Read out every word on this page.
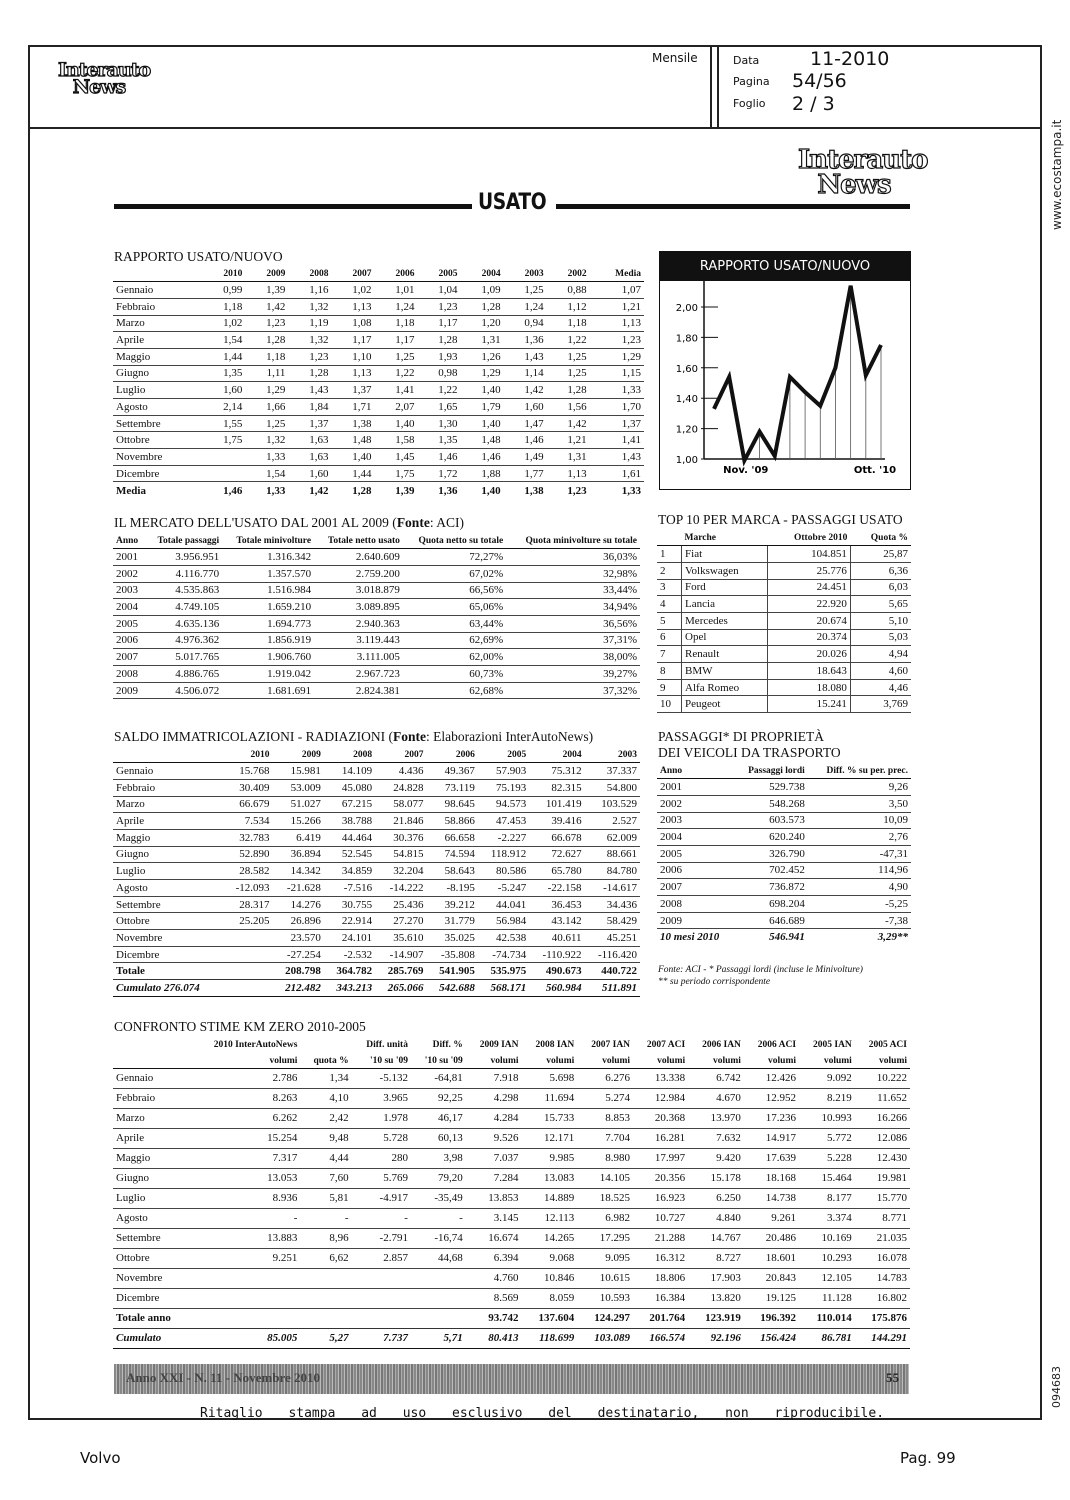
Interauto
News
Mensile	Data	11-2010
Pagina 54/56
Foglio 2 / 3
Interauto
News
USATO	www.ecostampa.it
094683
RAPPORTO USATO/NUOVO
	2010	2009	2008	2007	2006	2005	2004	2003	2002	Media
Gennaio	0,99	1,39	1,16	1,02	1,01	1,04	1,09	1,25	0,88	1,07
Febbraio	1,18	1,42	1,32	1,13	1,24	1,23	1,28	1,24	1,12	1,21
Marzo	1,02	1,23	1,19	1,08	1,18	1,17	1,20	0,94	1,18	1,13
Aprile	1,54	1,28	1,32	1,17	1,17	1,28	1,31	1,36	1,22	1,23
Maggio	1,44	1,18	1,23	1,10	1,25	1,93	1,26	1,43	1,25	1,29
Giugno	1,35	1,11	1,28	1,13	1,22	0,98	1,29	1,14	1,25	1,15
Luglio	1,60	1,29	1,43	1,37	1,41	1,22	1,40	1,42	1,28	1,33
Agosto	2,14	1,66	1,84	1,71	2,07	1,65	1,79	1,60	1,56	1,70
Settembre	1,55	1,25	1,37	1,38	1,40	1,30	1,40	1,47	1,42	1,37
Ottobre	1,75	1,32	1,63	1,48	1,58	1,35	1,48	1,46	1,21	1,41
Novembre		1,33	1,63	1,40	1,45	1,46	1,46	1,49	1,31	1,43
Dicembre		1,54	1,60	1,44	1,75	1,72	1,88	1,77	1,13	1,61
Media	1,46	1,33	1,42	1,28	1,39	1,36	1,40	1,38	1,23	1,33
RAPPORTO USATO/NUOVO
1,00
1,20
1,40
1,60
1,80
2,00
Nov. '09	Ott. '10
IL MERCATO DELL'USATO DAL 2001 AL 2009 (Fonte: ACI)
Anno	Totale passaggi	Totale minivolture	Totale netto usato	Quota netto su totale	Quota minivolture su totale
2001	3.956.951	1.316.342	2.640.609	72,27%	36,03%
2002	4.116.770	1.357.570	2.759.200	67,02%	32,98%
2003	4.535.863	1.516.984	3.018.879	66,56%	33,44%
2004	4.749.105	1.659.210	3.089.895	65,06%	34,94%
2005	4.635.136	1.694.773	2.940.363	63,44%	36,56%
2006	4.976.362	1.856.919	3.119.443	62,69%	37,31%
2007	5.017.765	1.906.760	3.111.005	62,00%	38,00%
2008	4.886.765	1.919.042	2.967.723	60,73%	39,27%
2009	4.506.072	1.681.691	2.824.381	62,68%	37,32%
TOP 10 PER MARCA - PASSAGGI USATO
	Marche	Ottobre 2010	Quota %
1	Fiat	104.851	25,87
2	Volkswagen	25.776	6,36
3	Ford	24.451	6,03
4	Lancia	22.920	5,65
5	Mercedes	20.674	5,10
6	Opel	20.374	5,03
7	Renault	20.026	4,94
8	BMW	18.643	4,60
9	Alfa Romeo	18.080	4,46
10	Peugeot	15.241	3,769
SALDO IMMATRICOLAZIONI - RADIAZIONI (Fonte: Elaborazioni InterAutoNews)
	2010	2009	2008	2007	2006	2005	2004	2003
Gennaio	15.768	15.981	14.109	4.436	49.367	57.903	75.312	37.337
Febbraio	30.409	53.009	45.080	24.828	73.119	75.193	82.315	54.800
Marzo	66.679	51.027	67.215	58.077	98.645	94.573	101.419	103.529
Aprile	7.534	15.266	38.788	21.846	58.866	47.453	39.416	2.527
Maggio	32.783	6.419	44.464	30.376	66.658	-2.227	66.678	62.009
Giugno	52.890	36.894	52.545	54.815	74.594	118.912	72.627	88.661
Luglio	28.582	14.342	34.859	32.204	58.643	80.586	65.780	84.780
Agosto	-12.093	-21.628	-7.516	-14.222	-8.195	-5.247	-22.158	-14.617
Settembre	28.317	14.276	30.755	25.436	39.212	44.041	36.453	34.436
Ottobre	25.205	26.896	22.914	27.270	31.779	56.984	43.142	58.429
Novembre		23.570	24.101	35.610	35.025	42.538	40.611	45.251
Dicembre		-27.254	-2.532	-14.907	-35.808	-74.734	-110.922	-116.420
Totale		208.798	364.782	285.769	541.905	535.975	490.673	440.722
Cumulato 276.074		212.482	343.213	265.066	542.688	568.171	560.984	511.891
PASSAGGI* DI PROPRIETÀ
DEI VEICOLI DA TRASPORTO
Anno	Passaggi lordi	Diff. % su per. prec.
2001	529.738	9,26
2002	548.268	3,50
2003	603.573	10,09
2004	620.240	2,76
2005	326.790	-47,31
2006	702.452	114,96
2007	736.872	4,90
2008	698.204	-5,25
2009	646.689	-7,38
10 mesi 2010	546.941	3,29**
Fonte: ACI - * Passaggi lordi (incluse le Minivolture)
** su periodo corrispondente
CONFRONTO STIME KM ZERO 2010-2005
	2010 InterAutoNews		Diff. unità	Diff. %	2009 IAN	2008 IAN	2007 IAN	2007 ACI	2006 IAN	2006 ACI	2005 IAN	2005 ACI
	volumi	quota %	'10 su '09	'10 su '09	volumi	volumi	volumi	volumi	volumi	volumi	volumi	volumi
Gennaio	2.786	1,34	-5.132	-64,81	7.918	5.698	6.276	13.338	6.742	12.426	9.092	10.222
Febbraio	8.263	4,10	3.965	92,25	4.298	11.694	5.274	12.984	4.670	12.952	8.219	11.652
Marzo	6.262	2,42	1.978	46,17	4.284	15.733	8.853	20.368	13.970	17.236	10.993	16.266
Aprile	15.254	9,48	5.728	60,13	9.526	12.171	7.704	16.281	7.632	14.917	5.772	12.086
Maggio	7.317	4,44	280	3,98	7.037	9.985	8.980	17.997	9.420	17.639	5.228	12.430
Giugno	13.053	7,60	5.769	79,20	7.284	13.083	14.105	20.356	15.178	18.168	15.464	19.981
Luglio	8.936	5,81	-4.917	-35,49	13.853	14.889	18.525	16.923	6.250	14.738	8.177	15.770
Agosto	-	-	-	-	3.145	12.113	6.982	10.727	4.840	9.261	3.374	8.771
Settembre	13.883	8,96	-2.791	-16,74	16.674	14.265	17.295	21.288	14.767	20.486	10.169	21.035
Ottobre	9.251	6,62	2.857	44,68	6.394	9.068	9.095	16.312	8.727	18.601	10.293	16.078
Novembre					4.760	10.846	10.615	18.806	17.903	20.843	12.105	14.783
Dicembre					8.569	8.059	10.593	16.384	13.820	19.125	11.128	16.802
Totale anno					93.742	137.604	124.297	201.764	123.919	196.392	110.014	175.876
Cumulato	85.005	5,27	7.737	5,71	80.413	118.699	103.089	166.574	92.196	156.424	86.781	144.291
Anno XXI - N. 11 - Novembre 2010	55
Ritaglio stampa ad uso esclusivo del destinatario, non riproducibile.
Volvo	Pag. 99
